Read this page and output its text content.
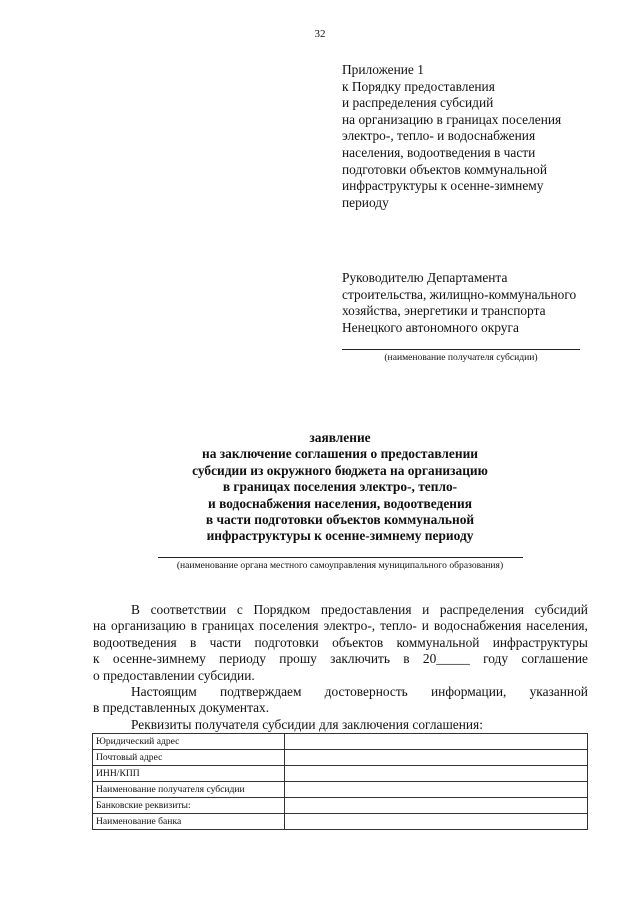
32
Приложение 1
к Порядку предоставления
и распределения субсидий
на организацию в границах поселения
электро-, тепло- и водоснабжения
населения, водоотведения в части
подготовки объектов коммунальной
инфраструктуры к осенне-зимнему
периоду
Руководителю Департамента
строительства, жилищно-коммунального
хозяйства, энергетики и транспорта
Ненецкого автономного округа
(наименование получателя субсидии)
заявление
на заключение соглашения о предоставлении
субсидии из окружного бюджета на организацию
в границах поселения электро-, тепло-
и водоснабжения населения, водоотведения
в части подготовки объектов коммунальной
инфраструктуры к осенне-зимнему периоду
(наименование органа местного самоуправления муниципального образования)
В соответствии с Порядком предоставления и распределения субсидий
на организацию в границах поселения электро-, тепло- и водоснабжения населения,
водоотведения в части подготовки объектов коммунальной инфраструктуры
к осенне-зимнему периоду прошу заключить в 20_____ году соглашение
о предоставлении субсидии.
Настоящим подтверждаем достоверность информации, указанной
в представленных документах.
Реквизиты получателя субсидии для заключения соглашения:
Юридический адрес	
Почтовый адрес	
ИНН/КПП	
Наименование получателя субсидии	
Банковские реквизиты:	
Наименование банка	
